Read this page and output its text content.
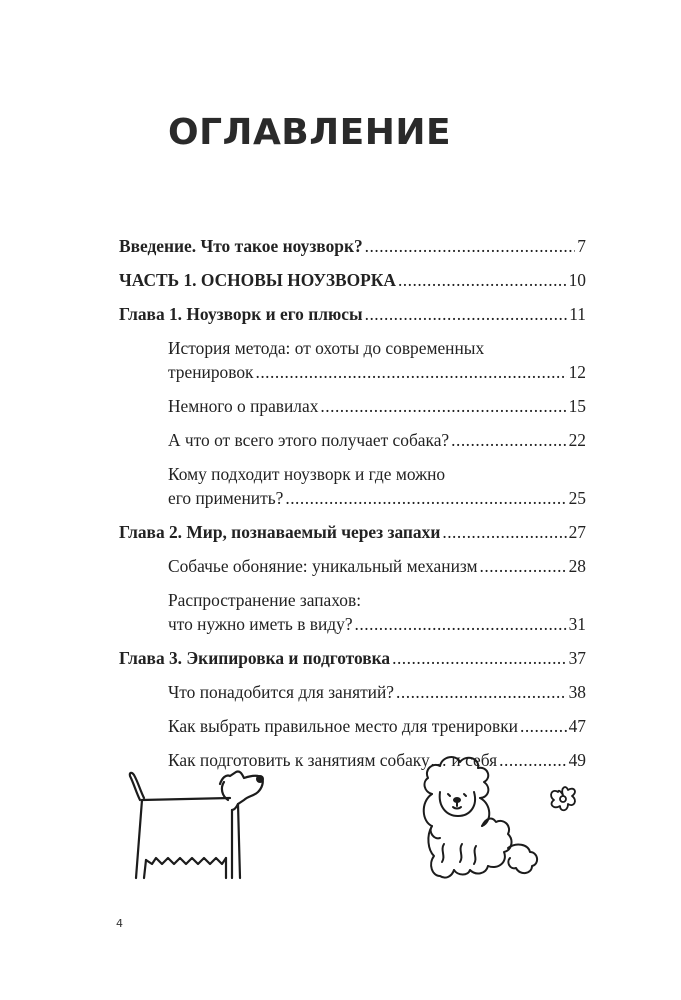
ОГЛАВЛЕНИЕ
Введение. Что такое ноузворк? .....	7
ЧАСТЬ 1. ОСНОВЫ НОУЗВОРКА .....	10
Глава 1. Ноузворк и его плюсы .....	11
История метода: от охоты до современных
тренировок .....	12
Немного о правилах .....	15
А что от всего этого получает собака? .....	22
Кому подходит ноузворк и где можно
его применить? .....	25
Глава 2. Мир, познаваемый через запахи .....	27
Собачье обоняние: уникальный механизм .....	28
Распространение запахов:
что нужно иметь в виду? .....	31
Глава 3. Экипировка и подготовка .....	37
Что понадобится для занятий? .....	38
Как выбрать правильное место для тренировки .....	47
Как подготовить к занятиям собаку… и себя .....	49
4
